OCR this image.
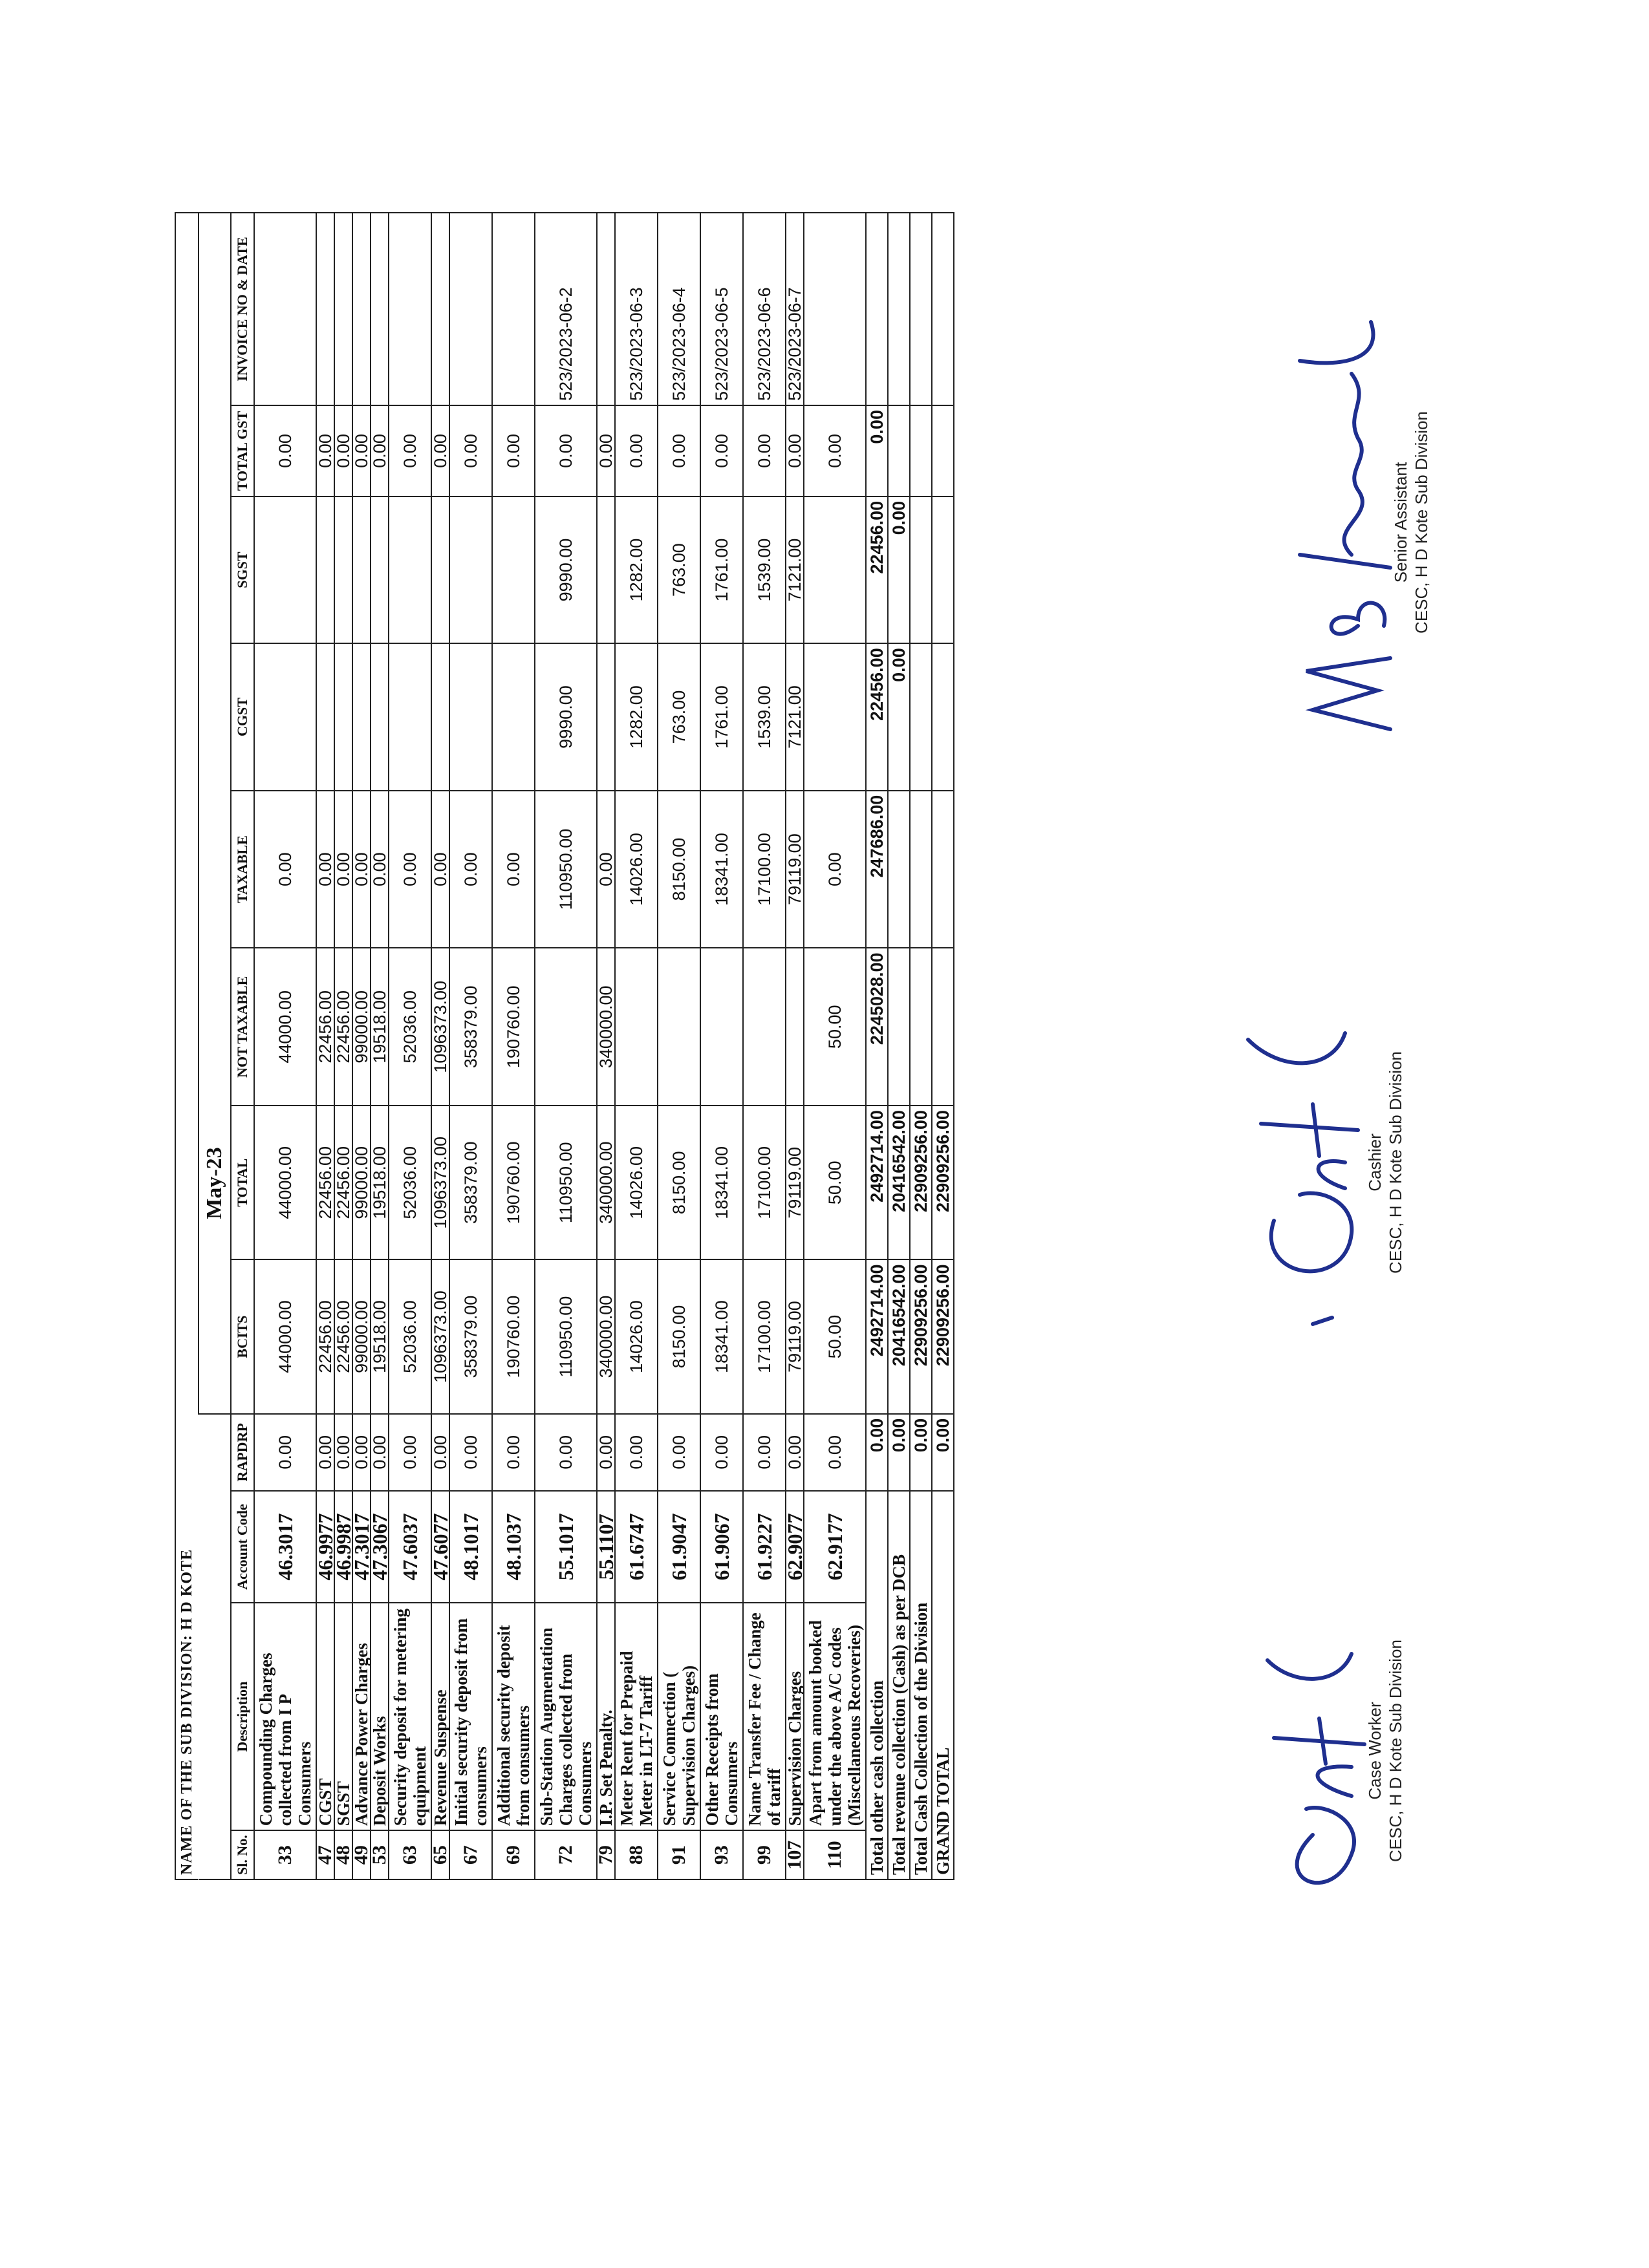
NAME OF THE SUB DIVISION: H D KOTE
				May-23							
Sl. No.	Description	Account Code	RAPDRP	BCITS	TOTAL	NOT TAXABLE	TAXABLE	CGST	SGST	TOTAL GST	INVOICE NO & DATE
33	Compounding Charges collected from I P Consumers	46.3017	0.00	44000.00	44000.00	44000.00	0.00			0.00	
47	CGST	46.9977	0.00	22456.00	22456.00	22456.00	0.00			0.00	
48	SGST	46.9987	0.00	22456.00	22456.00	22456.00	0.00			0.00	
49	Advance Power Charges	47.3017	0.00	99000.00	99000.00	99000.00	0.00			0.00	
53	Deposit Works	47.3067	0.00	19518.00	19518.00	19518.00	0.00			0.00	
63	Security deposit for metering equipment	47.6037	0.00	52036.00	52036.00	52036.00	0.00			0.00	
65	Revenue Suspense	47.6077	0.00	1096373.00	1096373.00	1096373.00	0.00			0.00	
67	Initial security deposit from consumers	48.1017	0.00	358379.00	358379.00	358379.00	0.00			0.00	
69	Additional security deposit from consumers	48.1037	0.00	190760.00	190760.00	190760.00	0.00			0.00	
72	Sub-Station Augmentation Charges collected from Consumers	55.1017	0.00	110950.00	110950.00		110950.00	9990.00	9990.00	0.00	523/2023-06-2
79	I.P. Set Penalty.	55.1107	0.00	340000.00	340000.00	340000.00	0.00			0.00	
88	Meter Rent for Prepaid Meter in LT-7 Tariff	61.6747	0.00	14026.00	14026.00		14026.00	1282.00	1282.00	0.00	523/2023-06-3
91	Service Connection ( Supervision Charges)	61.9047	0.00	8150.00	8150.00		8150.00	763.00	763.00	0.00	523/2023-06-4
93	Other Receipts from Consumers	61.9067	0.00	18341.00	18341.00		18341.00	1761.00	1761.00	0.00	523/2023-06-5
99	Name Transfer Fee / Change of tariff	61.9227	0.00	17100.00	17100.00		17100.00	1539.00	1539.00	0.00	523/2023-06-6
107	Supervision Charges	62.9077	0.00	79119.00	79119.00		79119.00	7121.00	7121.00	0.00	523/2023-06-7
110	Apart from amount booked under the above A/C codes (Miscellaneous Recoveries)	62.9177	0.00	50.00	50.00	50.00	0.00			0.00	
Total other cash collection			0.00	2492714.00	2492714.00	2245028.00	247686.00	22456.00	22456.00	0.00	
Total revenue collection (Cash) as per DCB			0.00	20416542.00	20416542.00			0.00	0.00		
Total Cash Collection of the Division			0.00	22909256.00	22909256.00						
GRAND TOTAL			0.00	22909256.00	22909256.00						
Case Worker CESC, H D Kote Sub Division
Cashier CESC, H D Kote Sub Division
Senior Assistant CESC, H D Kote Sub Division
